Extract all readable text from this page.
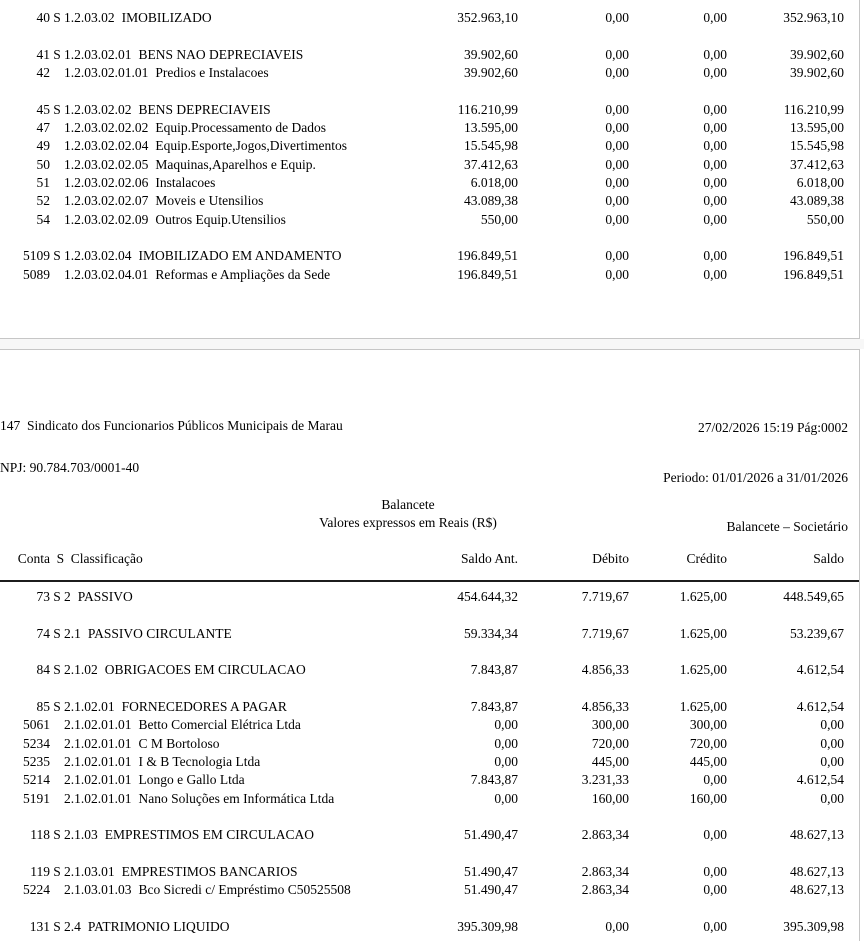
40 S 1.2.03.02 IMOBILIZADO	352.963,10	0,00	0,00	352.963,10
41 S 1.2.03.02.01 BENS NAO DEPRECIAVEIS	39.902,60	0,00	0,00	39.902,60
42 1.2.03.02.01.01 Predios e Instalacoes	39.902,60	0,00	0,00	39.902,60
45 S 1.2.03.02.02 BENS DEPRECIAVEIS	116.210,99	0,00	0,00	116.210,99
47 1.2.03.02.02.02 Equip.Processamento de Dados	13.595,00	0,00	0,00	13.595,00
49 1.2.03.02.02.04 Equip.Esporte,Jogos,Divertimentos	15.545,98	0,00	0,00	15.545,98
50 1.2.03.02.02.05 Maquinas,Aparelhos e Equip.	37.412,63	0,00	0,00	37.412,63
51 1.2.03.02.02.06 Instalacoes	6.018,00	0,00	0,00	6.018,00
52 1.2.03.02.02.07 Moveis e Utensilios	43.089,38	0,00	0,00	43.089,38
54 1.2.03.02.02.09 Outros Equip.Utensilios	550,00	0,00	0,00	550,00
5109 S 1.2.03.02.04 IMOBILIZADO EM ANDAMENTO	196.849,51	0,00	0,00	196.849,51
5089 1.2.03.02.04.01 Reformas e Ampliações da Sede	196.849,51	0,00	0,00	196.849,51

147  Sindicato dos Funcionarios Públicos Municipais de Marau

NPJ: 90.784.703/0001-40

27/02/2026 15:19 Pág:0002

Periodo: 01/01/2026 a 31/01/2026

Balancete – Societário

Balancete
Valores expressos em Reais (R$)
Conta S Classificação	Saldo Ant.	Débito	Crédito	Saldo
73 S 2 PASSIVO	454.644,32	7.719,67	1.625,00	448.549,65
74 S 2.1 PASSIVO CIRCULANTE	59.334,34	7.719,67	1.625,00	53.239,67
84 S 2.1.02 OBRIGACOES EM CIRCULACAO	7.843,87	4.856,33	1.625,00	4.612,54
85 S 2.1.02.01 FORNECEDORES A PAGAR	7.843,87	4.856,33	1.625,00	4.612,54
5061 2.1.02.01.01 Betto Comercial Elétrica Ltda	0,00	300,00	300,00	0,00
5234 2.1.02.01.01 C M Bortoloso	0,00	720,00	720,00	0,00
5235 2.1.02.01.01 I & B Tecnologia Ltda	0,00	445,00	445,00	0,00
5214 2.1.02.01.01 Longo e Gallo Ltda	7.843,87	3.231,33	0,00	4.612,54
5191 2.1.02.01.01 Nano Soluções em Informática Ltda	0,00	160,00	160,00	0,00
118 S 2.1.03 EMPRESTIMOS EM CIRCULACAO	51.490,47	2.863,34	0,00	48.627,13
119 S 2.1.03.01 EMPRESTIMOS BANCARIOS	51.490,47	2.863,34	0,00	48.627,13
5224 2.1.03.01.03 Bco Sicredi c/ Empréstimo C50525508	51.490,47	2.863,34	0,00	48.627,13
131 S 2.4 PATRIMONIO LIQUIDO	395.309,98	0,00	0,00	395.309,98
